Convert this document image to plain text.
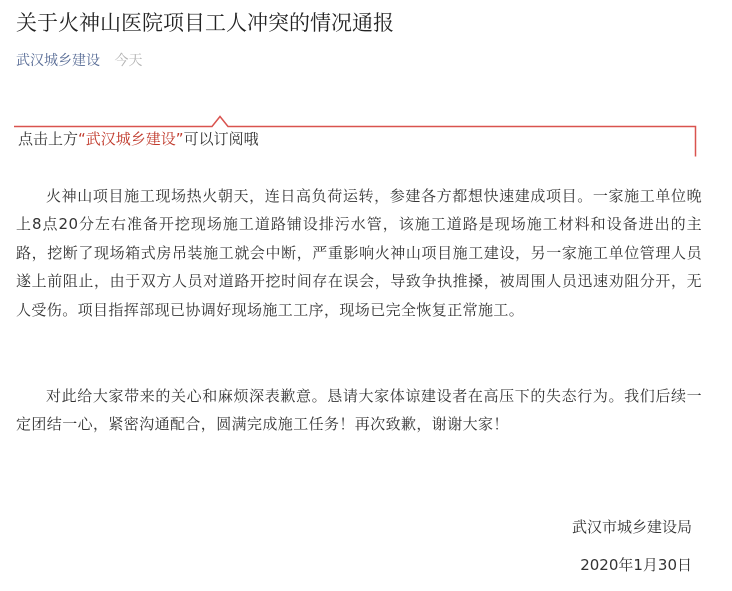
关于火神山医院项目工人冲突的情况通报
武汉城乡建设 今天
点击上方“武汉城乡建设”可以订阅哦
火神山项目施工现场热火朝天，连日高负荷运转，参建各方都想快速建成项目。一家施工单位晚上8点20分左右准备开挖现场施工道路铺设排污水管，该施工道路是现场施工材料和设备进出的主路，挖断了现场箱式房吊装施工就会中断，严重影响火神山项目施工建设，另一家施工单位管理人员遂上前阻止，由于双方人员对道路开挖时间存在误会，导致争执推搡，被周围人员迅速劝阻分开，无人受伤。项目指挥部现已协调好现场施工工序，现场已完全恢复正常施工。
对此给大家带来的关心和麻烦深表歉意。恳请大家体谅建设者在高压下的失态行为。我们后续一定团结一心，紧密沟通配合，圆满完成施工任务！再次致歉，谢谢大家！
武汉市城乡建设局
2020年1月30日
